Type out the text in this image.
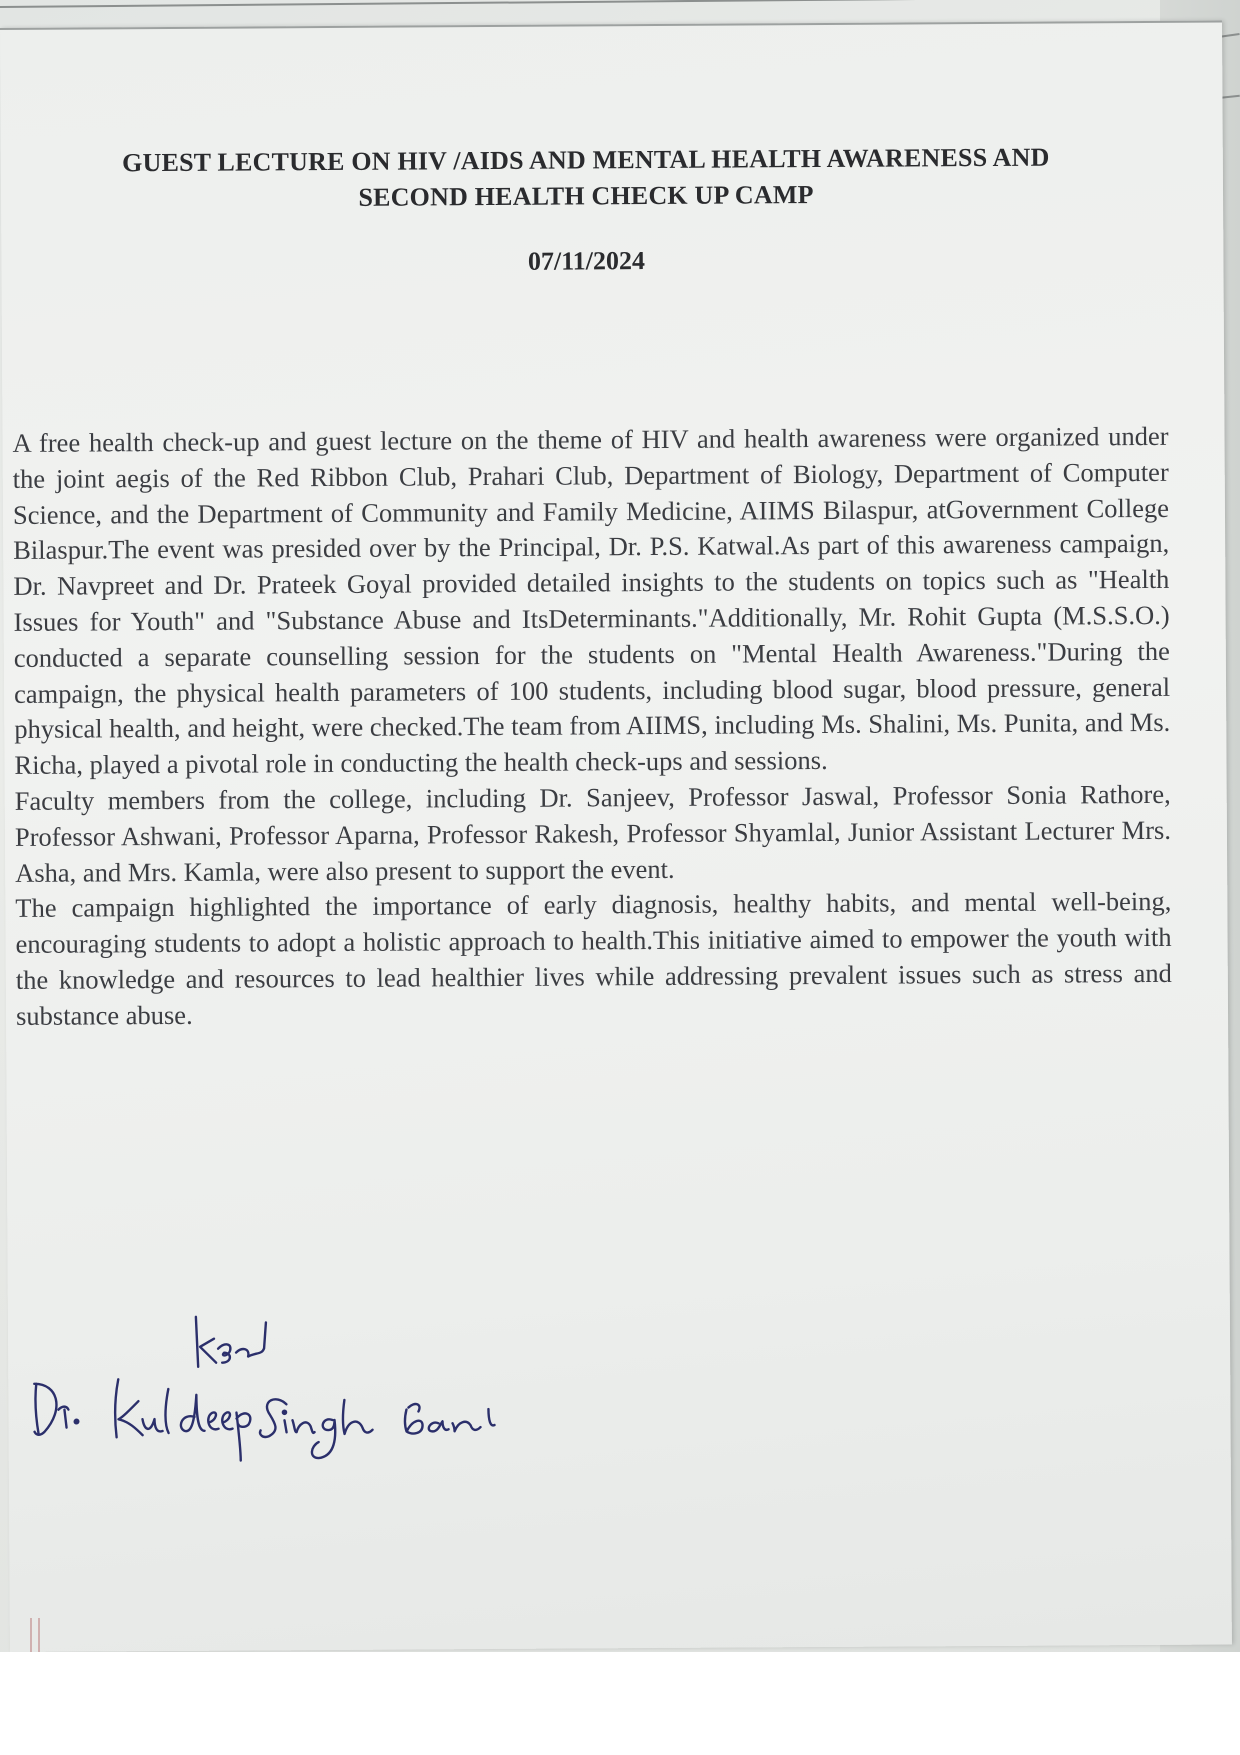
GUEST LECTURE ON HIV /AIDS AND MENTAL HEALTH AWARENESS AND
SECOND HEALTH CHECK UP CAMP
07/11/2024

A free health check-up and guest lecture on the theme of HIV and health awareness were organized under the joint aegis of the Red Ribbon Club, Prahari Club, Department of Biology, Department of Computer Science, and the Department of Community and Family Medicine, AIIMS Bilaspur, atGovernment College Bilaspur.The event was presided over by the Principal, Dr. P.S. Katwal.As part of this awareness campaign, Dr. Navpreet and Dr. Prateek Goyal provided detailed insights to the students on topics such as "Health Issues for Youth" and "Substance Abuse and ItsDeterminants."Additionally, Mr. Rohit Gupta (M.S.S.O.) conducted a separate counselling session for the students on "Mental Health Awareness."During the campaign, the physical health parameters of 100 students, including blood sugar, blood pressure, general physical health, and height, were checked.The team from AIIMS, including Ms. Shalini, Ms. Punita, and Ms. Richa, played a pivotal role in conducting the health check-ups and sessions.

Faculty members from the college, including Dr. Sanjeev, Professor Jaswal, Professor Sonia Rathore, Professor Ashwani, Professor Aparna, Professor Rakesh, Professor Shyamlal, Junior Assistant Lecturer Mrs. Asha, and Mrs. Kamla, were also present to support the event.

The campaign highlighted the importance of early diagnosis, healthy habits, and mental well-being, encouraging students to adopt a holistic approach to health.This initiative aimed to empower the youth with the knowledge and resources to lead healthier lives while addressing prevalent issues such as stress and substance abuse.
